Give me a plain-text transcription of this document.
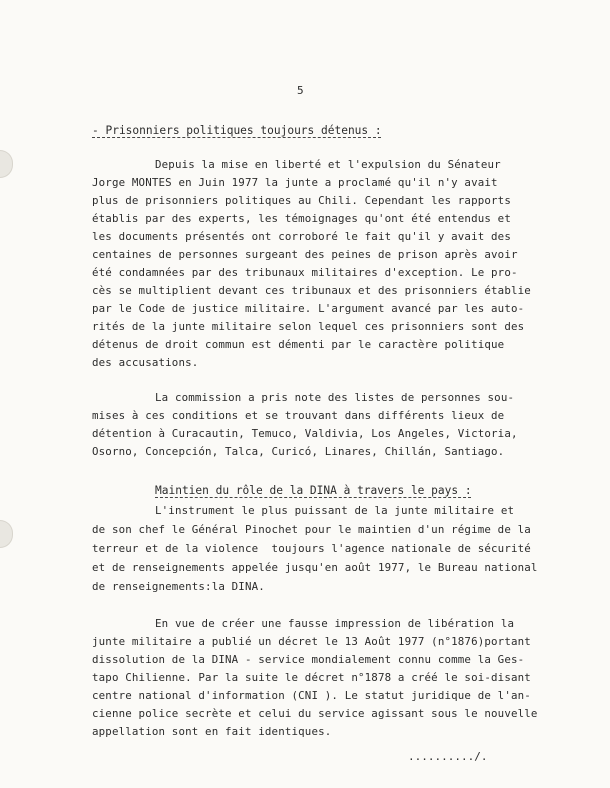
5
- Prisonniers politiques toujours détenus :
Depuis la mise en liberté et l'expulsion du Sénateur
Jorge MONTES en Juin 1977 la junte a proclamé qu'il n'y avait
plus de prisonniers politiques au Chili. Cependant les rapports
établis par des experts, les témoignages qu'ont été entendus et
les documents présentés ont corroboré le fait qu'il y avait des
centaines de personnes surgeant des peines de prison après avoir
été condamnées par des tribunaux militaires d'exception. Le pro-
cès se multiplient devant ces tribunaux et des prisonniers établie
par le Code de justice militaire. L'argument avancé par les auto-
rités de la junte militaire selon lequel ces prisonniers sont des
détenus de droit commun est démenti par le caractère politique
des accusations.
La commission a pris note des listes de personnes sou-
mises à ces conditions et se trouvant dans différents lieux de
détention à Curacautin, Temuco, Valdivia, Los Angeles, Victoria,
Osorno, Concepción, Talca, Curicó, Linares, Chillán, Santiago.
Maintien du rôle de la DINA à travers le pays :
L'instrument le plus puissant de la junte militaire et
de son chef le Général Pinochet pour le maintien d'un régime de la
terreur et de la violence  toujours l'agence nationale de sécurité
et de renseignements appelée jusqu'en août 1977, le Bureau national
de renseignements:la DINA.
En vue de créer une fausse impression de libération la
junte militaire a publié un décret le 13 Août 1977 (n°1876)portant
dissolution de la DINA - service mondialement connu comme la Ges-
tapo Chilienne. Par la suite le décret n°1878 a créé le soi-disant
centre national d'information (CNI ). Le statut juridique de l'an-
cienne police secrète et celui du service agissant sous le nouvelle
appellation sont en fait identiques.
........../.
